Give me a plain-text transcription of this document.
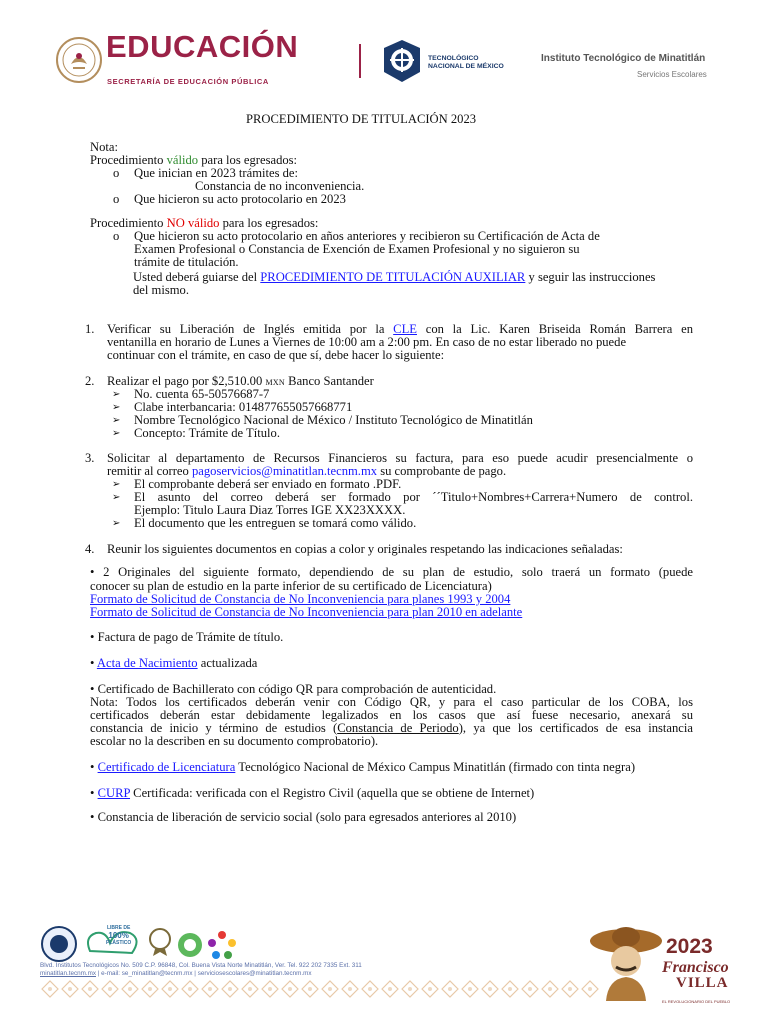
EDUCACIÓN
SECRETARÍA DE EDUCACIÓN PÚBLICA
TECNOLÓGICO
NACIONAL DE MÉXICO
Instituto Tecnológico de Minatitlán
Servicios Escolares
PROCEDIMIENTO DE TITULACIÓN 2023
Nota:
Procedimiento válido para los egresados:
o Que inician en 2023 trámites de:
Constancia de no inconveniencia.
o Que hicieron su acto protocolario en 2023
Procedimiento NO válido para los egresados:
o Que hicieron su acto protocolario en años anteriores y recibieron su Certificación de Acta de
Examen Profesional o Constancia de Exención de Examen Profesional y no siguieron su
trámite de titulación.
Usted deberá guiarse del PROCEDIMIENTO DE TITULACIÓN AUXILIAR y seguir las instrucciones
del mismo.
1. Verificar su Liberación de Inglés emitida por la CLE con la Lic. Karen Briseida Román Barrera en
ventanilla en horario de Lunes a Viernes de 10:00 am a 2:00 pm. En caso de no estar liberado no puede
continuar con el trámite, en caso de que sí, debe hacer lo siguiente:
2. Realizar el pago por $2,510.00 MXN Banco Santander
➢ No. cuenta 65-50576687-7
➢ Clabe interbancaria: 014877655057668771
➢ Nombre Tecnológico Nacional de México / Instituto Tecnológico de Minatitlán
➢ Concepto: Trámite de Título.
3. Solicitar al departamento de Recursos Financieros su factura, para eso puede acudir presencialmente o
remitir al correo pagoservicios@minatitlan.tecnm.mx su comprobante de pago.
➢ El comprobante deberá ser enviado en formato .PDF.
➢ El asunto del correo deberá ser formado por ´´Titulo+Nombres+Carrera+Numero de control.
Ejemplo: Titulo Laura Diaz Torres IGE XX23XXXX.
➢ El documento que les entreguen se tomará como válido.
4. Reunir los siguientes documentos en copias a color y originales respetando las indicaciones señaladas:
• 2 Originales del siguiente formato, dependiendo de su plan de estudio, solo traerá un formato (puede
conocer su plan de estudio en la parte inferior de su certificado de Licenciatura)
Formato de Solicitud de Constancia de No Inconveniencia para planes 1993 y 2004
Formato de Solicitud de Constancia de No Inconveniencia para plan 2010 en adelante
• Factura de pago de Trámite de título.
• Acta de Nacimiento actualizada
• Certificado de Bachillerato con código QR para comprobación de autenticidad.
Nota: Todos los certificados deberán venir con Código QR, y para el caso particular de los COBA, los
certificados deberán estar debidamente legalizados en los casos que así fuese necesario, anexará su
constancia de inicio y término de estudios (Constancia de Periodo), ya que los certificados de esa instancia
escolar no la describen en su documento comprobatorio).
• Certificado de Licenciatura Tecnológico Nacional de México Campus Minatitlán (firmado con tinta negra)
• CURP Certificada: verificada con el Registro Civil (aquella que se obtiene de Internet)
• Constancia de liberación de servicio social (solo para egresados anteriores al 2010)
LIBRE DE
100%
PLÁSTICO
Blvd. Institutos Tecnológicos No. 509 C.P. 96848, Col. Buena Vista Norte Minatitlán, Ver. Tel. 922 202 7335 Ext. 311
minatitlan.tecnm.mx | e-mail: se_minatitlan@tecnm.mx | serviciosescolares@minatitlan.tecnm.mx
2023
Francisco
VILLA
EL REVOLUCIONARIO DEL PUEBLO
